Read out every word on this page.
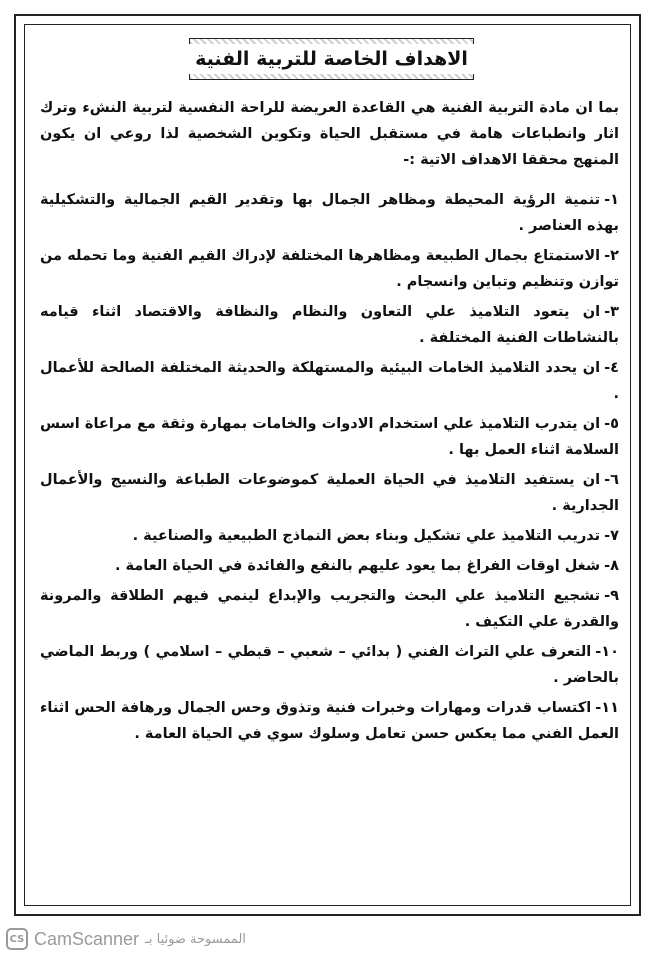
الاهداف الخاصة للتربية الفنية

بما ان مادة التربية الفنية هي القاعدة العريضة للراحة النفسية لتربية النشء وترك اثار وانطباعات هامة في مستقبل الحياة وتكوين الشخصية لذا روعي ان يكون المنهج محققا الاهداف الاتية :-

١-تنمية الرؤية المحيطة ومظاهر الجمال بها وتقدير القيم الجمالية والتشكيلية بهذه العناصر .

٢-الاستمتاع بجمال الطبيعة ومظاهرها المختلفة لإدراك القيم الفنية وما تحمله من توازن وتنظيم وتباين وانسجام .

٣-ان يتعود التلاميذ علي التعاون والنظام والنظافة والاقتصاد اثناء قيامه بالنشاطات الفنية المختلفة .

٤-ان يحدد التلاميذ الخامات البيئية والمستهلكة والحديثة المختلفة الصالحة للأعمال .

٥-ان يتدرب التلاميذ علي استخدام الادوات والخامات بمهارة وثقة مع مراعاة اسس السلامة اثناء العمل بها .

٦-ان يستفيد التلاميذ في الحياة العملية كموضوعات الطباعة والنسيج والأعمال الجدارية .

٧-تدريب التلاميذ علي تشكيل وبناء بعض النماذج الطبيعية والصناعية .

٨-شغل اوقات الفراغ بما يعود عليهم بالنفع والفائدة في الحياة العامة .

٩-تشجيع التلاميذ علي البحث والتجريب والإبداع لينمي فيهم الطلاقة والمرونة والقدرة علي التكيف .

١٠-التعرف علي التراث الفني ( بدائي – شعبي – قبطي – اسلامي ) وربط الماضي بالحاضر .

١١-اكتساب قدرات ومهارات وخبرات فنية وتذوق وحس الجمال ورهافة الحس اثناء العمل الفني مما يعكس حسن تعامل وسلوك سوي في الحياة العامة .

CS CamScanner الممسوحة ضوئيا بـ
